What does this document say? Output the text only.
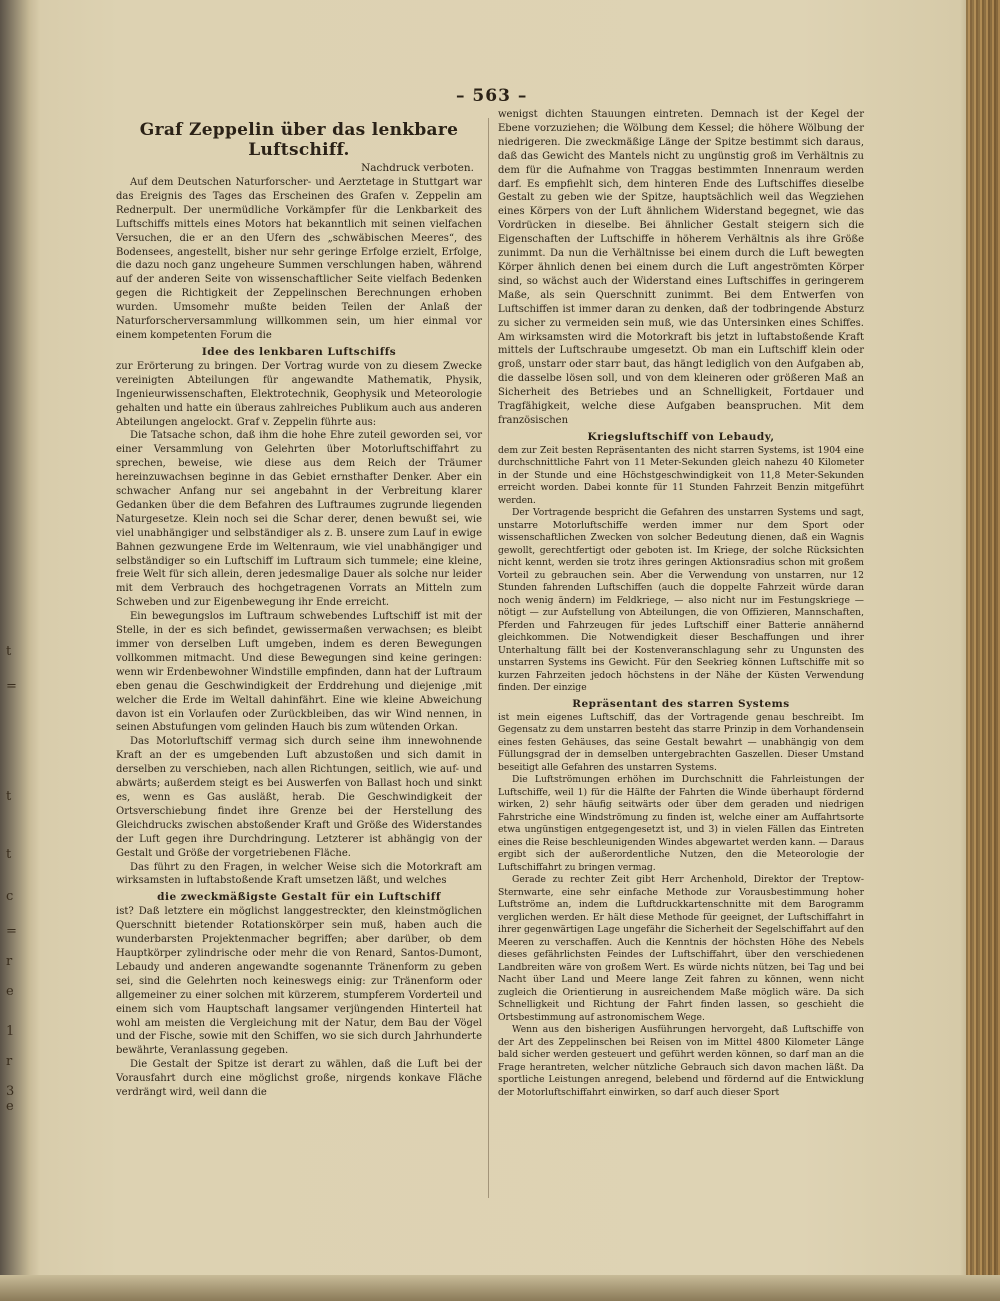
t
=
t
t
c
=
r
e
1
r
3
e
– 563 –
Graf Zeppelin über das lenkbare Luftschiff.
Nachdruck verboten.

Auf dem Deutschen Naturforscher- und Aerztetage in Stuttgart war das Ereignis des Tages das Erscheinen des Grafen v. Zeppelin am Rednerpult. Der unermüdliche Vorkämpfer für die Lenkbarkeit des Luftschiffs mittels eines Motors hat bekanntlich mit seinen vielfachen Versuchen, die er an den Ufern des „schwäbischen Meeres“, des Bodensees, angestellt, bisher nur sehr geringe Erfolge erzielt, Erfolge, die dazu noch ganz ungeheure Summen verschlungen haben, während auf der anderen Seite von wissenschaftlicher Seite vielfach Bedenken gegen die Richtigkeit der Zeppelinschen Berechnungen erhoben wurden. Umsomehr mußte beiden Teilen der Anlaß der Naturforscherversammlung willkommen sein, um hier einmal vor einem kompetenten Forum die

Idee des lenkbaren Luftschiffs

zur Erörterung zu bringen. Der Vortrag wurde von zu diesem Zwecke vereinigten Abteilungen für angewandte Mathematik, Physik, Ingenieurwissenschaften, Elektrotechnik, Geophysik und Meteorologie gehalten und hatte ein überaus zahlreiches Publikum auch aus anderen Abteilungen angelockt. Graf v. Zeppelin führte aus:

Die Tatsache schon, daß ihm die hohe Ehre zuteil geworden sei, vor einer Versammlung von Gelehrten über Motorluftschiffahrt zu sprechen, beweise, wie diese aus dem Reich der Träumer hereinzuwachsen beginne in das Gebiet ernsthafter Denker. Aber ein schwacher Anfang nur sei angebahnt in der Verbreitung klarer Gedanken über die dem Befahren des Luftraumes zugrunde liegenden Naturgesetze. Klein noch sei die Schar derer, denen bewußt sei, wie viel unabhängiger und selbständiger als z. B. unsere zum Lauf in ewige Bahnen gezwungene Erde im Weltenraum, wie viel unabhängiger und selbständiger so ein Luftschiff im Luftraum sich tummele; eine kleine, freie Welt für sich allein, deren jedesmalige Dauer als solche nur leider mit dem Verbrauch des hochgetragenen Vorrats an Mitteln zum Schweben und zur Eigenbewegung ihr Ende erreicht.

Ein bewegungslos im Luftraum schwebendes Luftschiff ist mit der Stelle, in der es sich befindet, gewissermaßen verwachsen; es bleibt immer von derselben Luft umgeben, indem es deren Bewegungen vollkommen mitmacht. Und diese Bewegungen sind keine geringen: wenn wir Erdenbewohner Windstille empfinden, dann hat der Luftraum eben genau die Geschwindigkeit der Erddrehung und diejenige ,mit welcher die Erde im Weltall dahinfährt. Eine wie kleine Abweichung davon ist ein Vorlaufen oder Zurückbleiben, das wir Wind nennen, in seinen Abstufungen vom gelinden Hauch bis zum wütenden Orkan.

Das Motorluftschiff vermag sich durch seine ihm innewohnende Kraft an der es umgebenden Luft abzustoßen und sich damit in derselben zu verschieben, nach allen Richtungen, seitlich, wie auf- und abwärts; außerdem steigt es bei Auswerfen von Ballast hoch und sinkt es, wenn es Gas ausläßt, herab. Die Geschwindigkeit der Ortsverschiebung findet ihre Grenze bei der Herstellung des Gleichdrucks zwischen abstoßender Kraft und Größe des Widerstandes der Luft gegen ihre Durchdringung. Letzterer ist abhängig von der Gestalt und Größe der vorgetriebenen Fläche.

Das führt zu den Fragen, in welcher Weise sich die Motorkraft am wirksamsten in luftabstoßende Kraft umsetzen läßt, und welches

die zweckmäßigste Gestalt für ein Luftschiff

ist? Daß letztere ein möglichst langgestreckter, den kleinstmöglichen Querschnitt bietender Rotationskörper sein muß, haben auch die wunderbarsten Projektenmacher begriffen; aber darüber, ob dem Hauptkörper zylindrische oder mehr die von Renard, Santos-Dumont, Lebaudy und anderen angewandte sogenannte Tränenform zu geben sei, sind die Gelehrten noch keineswegs einig: zur Tränenform oder allgemeiner zu einer solchen mit kürzerem, stumpferem Vorderteil und einem sich vom Hauptschaft langsamer verjüngenden Hinterteil hat wohl am meisten die Vergleichung mit der Natur, dem Bau der Vögel und der Fische, sowie mit den Schiffen, wo sie sich durch Jahrhunderte bewährte, Veranlassung gegeben.

Die Gestalt der Spitze ist derart zu wählen, daß die Luft bei der Vorausfahrt durch eine möglichst große, nirgends konkave Fläche verdrängt wird, weil dann die

wenigst dichten Stauungen eintreten. Demnach ist der Kegel der Ebene vorzuziehen; die Wölbung dem Kessel; die höhere Wölbung der niedrigeren. Die zweckmäßige Länge der Spitze bestimmt sich daraus, daß das Gewicht des Mantels nicht zu ungünstig groß im Verhältnis zu dem für die Aufnahme von Traggas bestimmten Innenraum werden darf. Es empfiehlt sich, dem hinteren Ende des Luftschiffes dieselbe Gestalt zu geben wie der Spitze, hauptsächlich weil das Wegziehen eines Körpers von der Luft ähnlichem Widerstand begegnet, wie das Vordrücken in dieselbe. Bei ähnlicher Gestalt steigern sich die Eigenschaften der Luftschiffe in höherem Verhältnis als ihre Größe zunimmt. Da nun die Verhältnisse bei einem durch die Luft bewegten Körper ähnlich denen bei einem durch die Luft angeströmten Körper sind, so wächst auch der Widerstand eines Luftschiffes in geringerem Maße, als sein Querschnitt zunimmt. Bei dem Entwerfen von Luftschiffen ist immer daran zu denken, daß der todbringende Absturz zu sicher zu vermeiden sein muß, wie das Untersinken eines Schiffes. Am wirksamsten wird die Motorkraft bis jetzt in luftabstoßende Kraft mittels der Luftschraube umgesetzt. Ob man ein Luftschiff klein oder groß, unstarr oder starr baut, das hängt lediglich von den Aufgaben ab, die dasselbe lösen soll, und von dem kleineren oder größeren Maß an Sicherheit des Betriebes und an Schnelligkeit, Fortdauer und Tragfähigkeit, welche diese Aufgaben beanspruchen. Mit dem französischen

Kriegsluftschiff von Lebaudy,

dem zur Zeit besten Repräsentanten des nicht starren Systems, ist 1904 eine durchschnittliche Fahrt von 11 Meter-Sekunden gleich nahezu 40 Kilometer in der Stunde und eine Höchstgeschwindigkeit von 11,8 Meter-Sekunden erreicht worden. Dabei konnte für 11 Stunden Fahrzeit Benzin mitgeführt werden.

Der Vortragende bespricht die Gefahren des unstarren Systems und sagt, unstarre Motorluftschiffe werden immer nur dem Sport oder wissenschaftlichen Zwecken von solcher Bedeutung dienen, daß ein Wagnis gewollt, gerechtfertigt oder geboten ist. Im Kriege, der solche Rücksichten nicht kennt, werden sie trotz ihres geringen Aktionsradius schon mit großem Vorteil zu gebrauchen sein. Aber die Verwendung von unstarren, nur 12 Stunden fahrenden Luftschiffen (auch die doppelte Fahrzeit würde daran noch wenig ändern) im Feldkriege, — also nicht nur im Festungskriege — nötigt — zur Aufstellung von Abteilungen, die von Offizieren, Mannschaften, Pferden und Fahrzeugen für jedes Luftschiff einer Batterie annähernd gleichkommen. Die Notwendigkeit dieser Beschaffungen und ihrer Unterhaltung fällt bei der Kostenveranschlagung sehr zu Ungunsten des unstarren Systems ins Gewicht. Für den Seekrieg können Luftschiffe mit so kurzen Fahrzeiten jedoch höchstens in der Nähe der Küsten Verwendung finden. Der einzige

Repräsentant des starren Systems

ist mein eigenes Luftschiff, das der Vortragende genau beschreibt. Im Gegensatz zu dem unstarren besteht das starre Prinzip in dem Vorhandensein eines festen Gehäuses, das seine Gestalt bewahrt — unabhängig von dem Füllungsgrad der in demselben untergebrachten Gaszellen. Dieser Umstand beseitigt alle Gefahren des unstarren Systems.

Die Luftströmungen erhöhen im Durchschnitt die Fahrleistungen der Luftschiffe, weil 1) für die Hälfte der Fahrten die Winde überhaupt fördernd wirken, 2) sehr häufig seitwärts oder über dem geraden und niedrigen Fahrstriche eine Windströmung zu finden ist, welche einer am Auffahrtsorte etwa ungünstigen entgegengesetzt ist, und 3) in vielen Fällen das Eintreten eines die Reise beschleunigenden Windes abgewartet werden kann. — Daraus ergibt sich der außerordentliche Nutzen, den die Meteorologie der Luftschiffahrt zu bringen vermag.

Gerade zu rechter Zeit gibt Herr Archenhold, Direktor der Treptow-Sternwarte, eine sehr einfache Methode zur Vorausbestimmung hoher Luftströme an, indem die Luftdruckkartenschnitte mit dem Barogramm verglichen werden. Er hält diese Methode für geeignet, der Luftschiffahrt in ihrer gegenwärtigen Lage ungefähr die Sicherheit der Segelschiffahrt auf den Meeren zu verschaffen. Auch die Kenntnis der höchsten Höhe des Nebels dieses gefährlichsten Feindes der Luftschiffahrt, über den verschiedenen Landbreiten wäre von großem Wert. Es würde nichts nützen, bei Tag und bei Nacht über Land und Meere lange Zeit fahren zu können, wenn nicht zugleich die Orientierung in ausreichendem Maße möglich wäre. Da sich Schnelligkeit und Richtung der Fahrt finden lassen, so geschieht die Ortsbestimmung auf astronomischem Wege.

Wenn aus den bisherigen Ausführungen hervorgeht, daß Luftschiffe von der Art des Zeppelinschen bei Reisen von im Mittel 4800 Kilometer Länge bald sicher werden gesteuert und geführt werden können, so darf man an die Frage herantreten, welcher nützliche Gebrauch sich davon machen läßt. Da sportliche Leistungen anregend, belebend und fördernd auf die Entwicklung der Motorluftschiffahrt einwirken, so darf auch dieser Sport
